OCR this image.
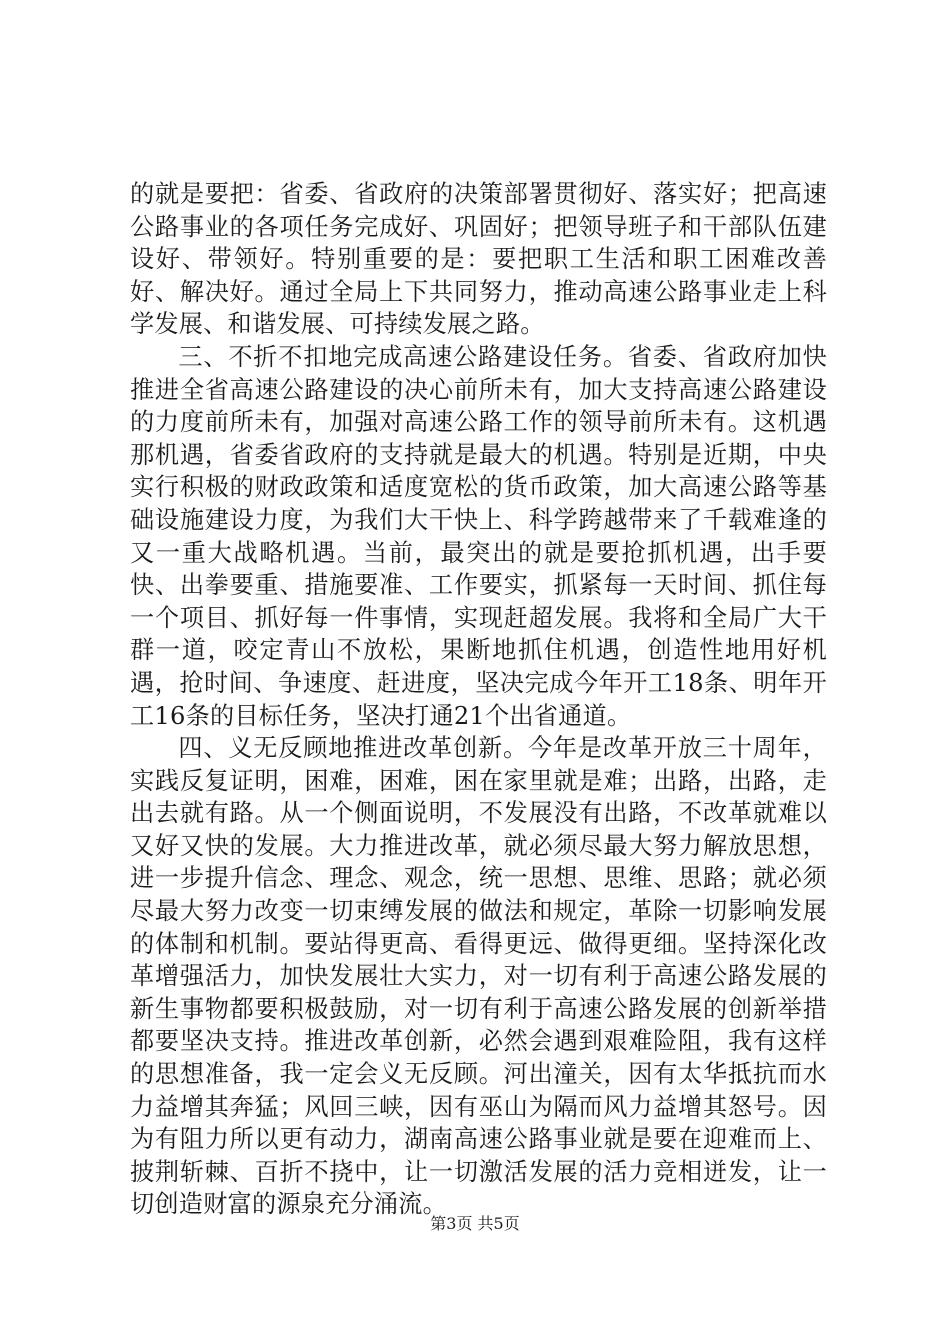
的就是要把：省委、省政府的决策部署贯彻好、落实好；把高速公路事业的各项任务完成好、巩固好；把领导班子和干部队伍建设好、带领好。特别重要的是：要把职工生活和职工困难改善好、解决好。通过全局上下共同努力，推动高速公路事业走上科学发展、和谐发展、可持续发展之路。

三、不折不扣地完成高速公路建设任务。省委、省政府加快推进全省高速公路建设的决心前所未有，加大支持高速公路建设的力度前所未有，加强对高速公路工作的领导前所未有。这机遇那机遇，省委省政府的支持就是最大的机遇。特别是近期，中央实行积极的财政政策和适度宽松的货币政策，加大高速公路等基础设施建设力度，为我们大干快上、科学跨越带来了千载难逢的又一重大战略机遇。当前，最突出的就是要抢抓机遇，出手要快、出拳要重、措施要准、工作要实，抓紧每一天时间、抓住每一个项目、抓好每一件事情，实现赶超发展。我将和全局广大干群一道，咬定青山不放松，果断地抓住机遇，创造性地用好机遇，抢时间、争速度、赶进度，坚决完成今年开工18条、明年开工16条的目标任务，坚决打通21个出省通道。

四、义无反顾地推进改革创新。今年是改革开放三十周年，实践反复证明，困难，困难，困在家里就是难；出路，出路，走出去就有路。从一个侧面说明，不发展没有出路，不改革就难以又好又快的发展。大力推进改革，就必须尽最大努力解放思想，进一步提升信念、理念、观念，统一思想、思维、思路；就必须尽最大努力改变一切束缚发展的做法和规定，革除一切影响发展的体制和机制。要站得更高、看得更远、做得更细。坚持深化改革增强活力，加快发展壮大实力，对一切有利于高速公路发展的新生事物都要积极鼓励，对一切有利于高速公路发展的创新举措都要坚决支持。推进改革创新，必然会遇到艰难险阻，我有这样的思想准备，我一定会义无反顾。河出潼关，因有太华抵抗而水力益增其奔猛；风回三峡，因有巫山为隔而风力益增其怒号。因为有阻力所以更有动力，湖南高速公路事业就是要在迎难而上、披荆斩棘、百折不挠中，让一切激活发展的活力竞相迸发，让一切创造财富的源泉充分涌流。

第3页 共5页
